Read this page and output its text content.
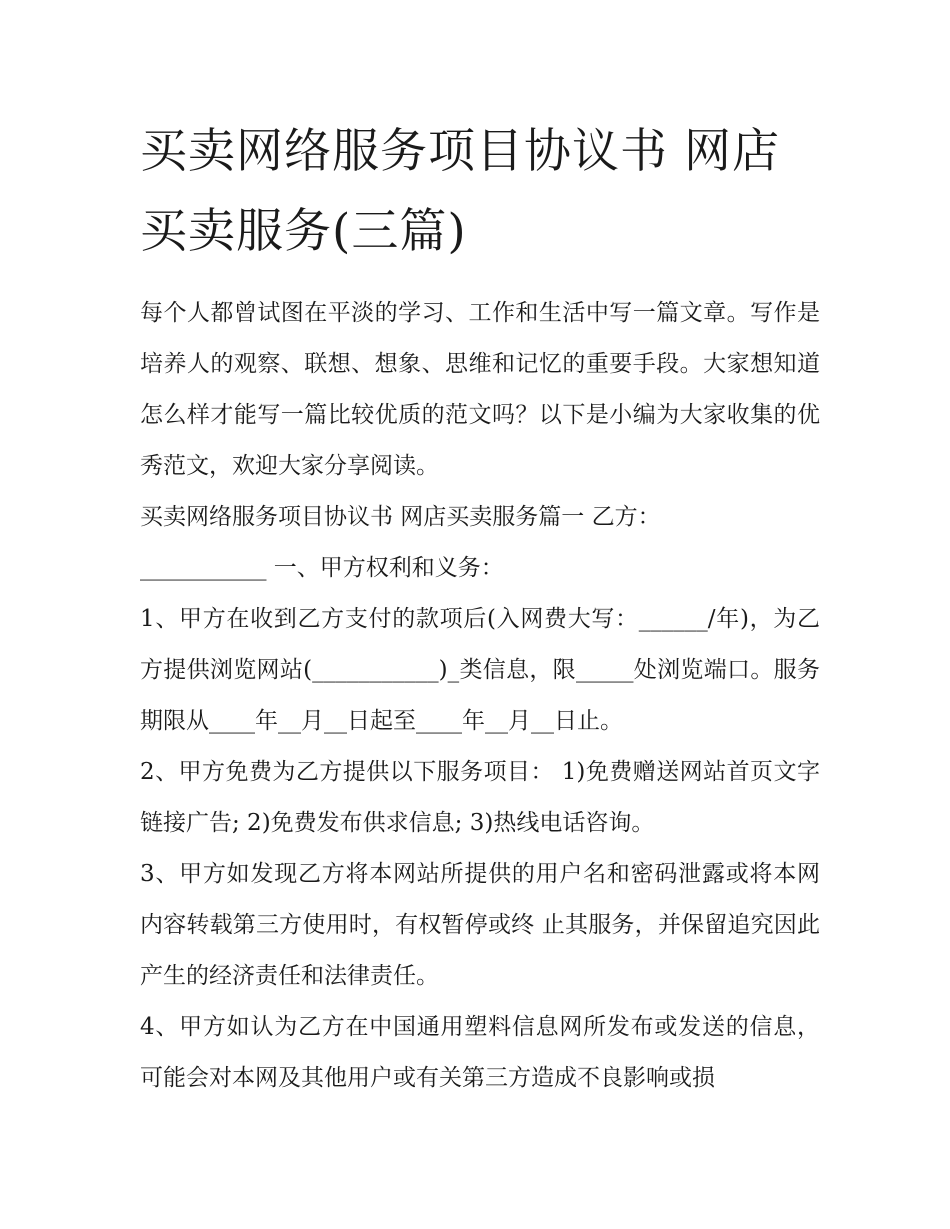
买卖网络服务项目协议书 网店买卖服务(三篇)

每个人都曾试图在平淡的学习、工作和生活中写一篇文章。写作是培养人的观察、联想、想象、思维和记忆的重要手段。大家想知道怎么样才能写一篇比较优质的范文吗？以下是小编为大家收集的优秀范文，欢迎大家分享阅读。

买卖网络服务项目协议书 网店买卖服务篇一 乙方：

___________ 一、甲方权利和义务：

1、甲方在收到乙方支付的款项后(入网费大写：______/年)，为乙方提供浏览网站(___________)_类信息，限_____处浏览端口。服务期限从____年__月__日起至____年__月__日止。

2、甲方免费为乙方提供以下服务项目： 1)免费赠送网站首页文字链接广告; 2)免费发布供求信息; 3)热线电话咨询。

3、甲方如发现乙方将本网站所提供的用户名和密码泄露或将本网内容转载第三方使用时，有权暂停或终 止其服务，并保留追究因此产生的经济责任和法律责任。

4、甲方如认为乙方在中国通用塑料信息网所发布或发送的信息，可能会对本网及其他用户或有关第三方造成不良影响或损
